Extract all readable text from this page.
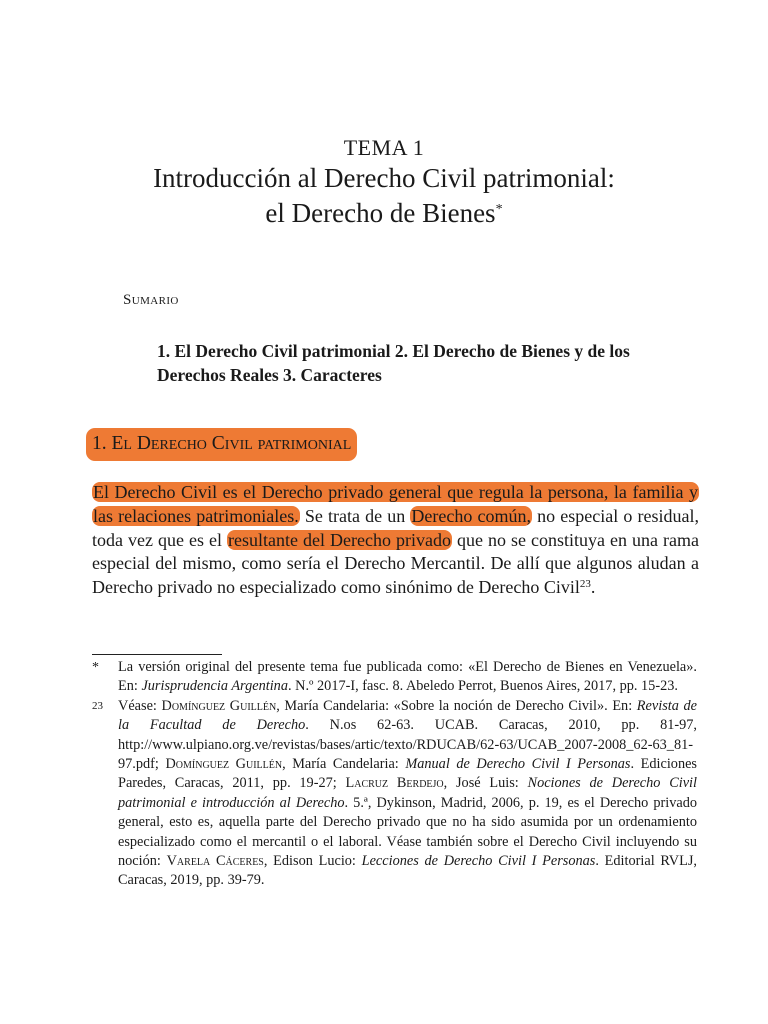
TEMA 1
Introducción al Derecho Civil patrimonial:
el Derecho de Bienes*
Sumario
1. El Derecho Civil patrimonial 2. El Derecho de Bienes y de los Derechos Reales 3. Caracteres
1. El Derecho Civil patrimonial
El Derecho Civil es el Derecho privado general que regula la persona, la familia y las relaciones patrimoniales. Se trata de un Derecho común, no especial o residual, toda vez que es el resultante del Derecho privado que no se constituya en una rama especial del mismo, como sería el Derecho Mercantil. De allí que algunos aludan a Derecho privado no especializado como sinónimo de Derecho Civil$^{23}$.
* La versión original del presente tema fue publicada como: «El Derecho de Bienes en Venezuela». En: Jurisprudencia Argentina. N.º 2017-I, fasc. 8. Abeledo Perrot, Buenos Aires, 2017, pp. 15-23.
23 Véase: Domínguez Guillén, María Candelaria: «Sobre la noción de Derecho Civil». En: Revista de la Facultad de Derecho. N.os 62-63. UCAB. Caracas, 2010, pp. 81-97, http://www.ulpiano.org.ve/revistas/bases/artic/texto/RDUCAB/62-63/UCAB_2007-2008_62-63_81-97.pdf; Domínguez Guillén, María Candelaria: Manual de Derecho Civil I Personas. Ediciones Paredes, Caracas, 2011, pp. 19-27; Lacruz Berdejo, José Luis: Nociones de Derecho Civil patrimonial e introducción al Derecho. 5.ª, Dykinson, Madrid, 2006, p. 19, es el Derecho privado general, esto es, aquella parte del Derecho privado que no ha sido asumida por un ordenamiento especializado como el mercantil o el laboral. Véase también sobre el Derecho Civil incluyendo su noción: Varela Cáceres, Edison Lucio: Lecciones de Derecho Civil I Personas. Editorial RVLJ, Caracas, 2019, pp. 39-79.
